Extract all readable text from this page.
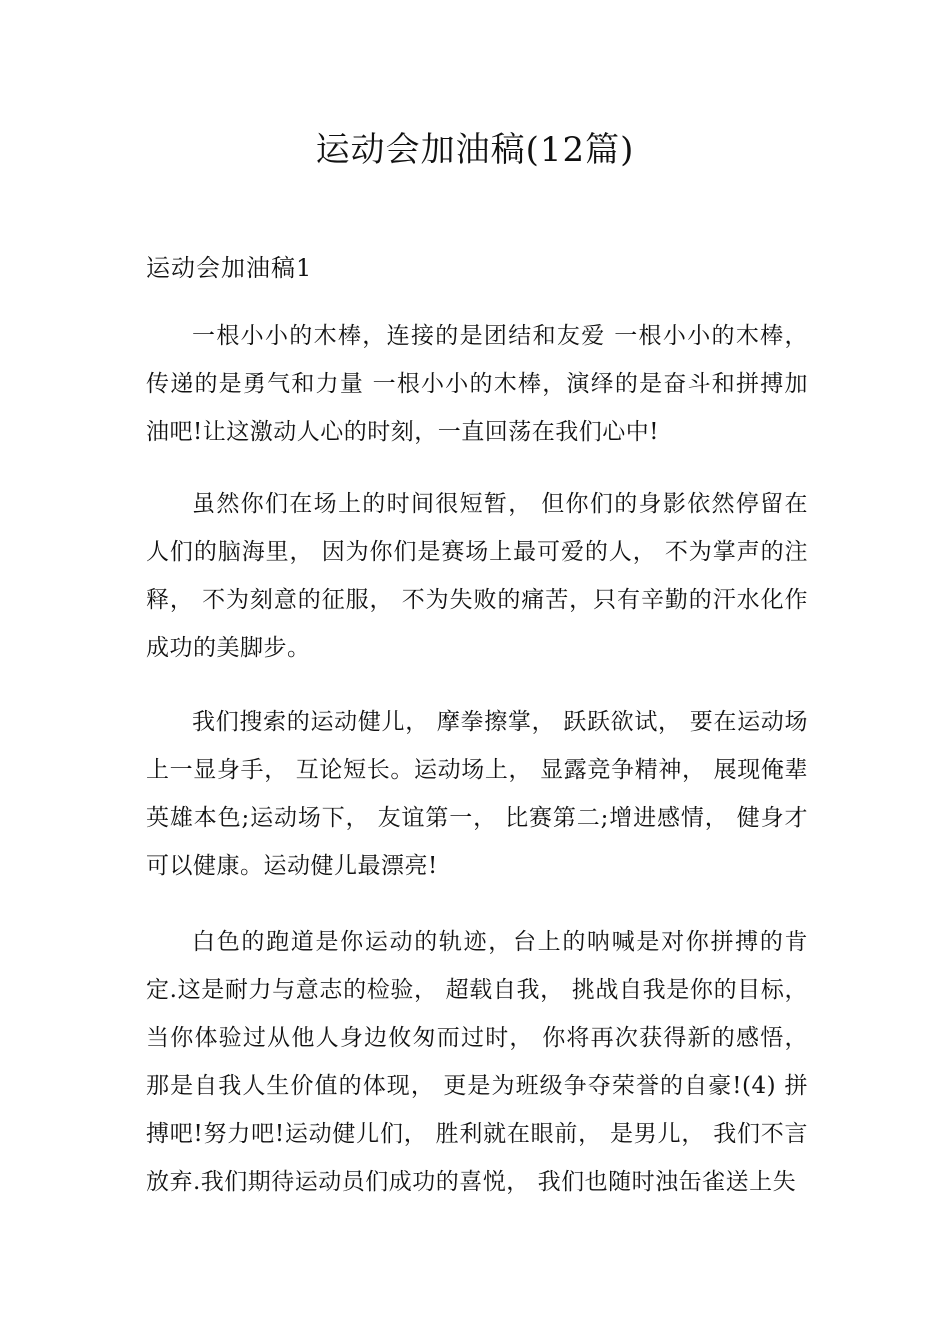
运动会加油稿(12篇)
运动会加油稿1

一根小小的木棒，连接的是团结和友爱 一根小小的木棒，传递的是勇气和力量 一根小小的木棒，演绎的是奋斗和拼搏加油吧!让这激动人心的时刻，一直回荡在我们心中!

虽然你们在场上的时间很短暂， 但你们的身影依然停留在人们的脑海里， 因为你们是赛场上最可爱的人， 不为掌声的注释， 不为刻意的征服， 不为失败的痛苦，只有辛勤的汗水化作成功的美脚步。

我们搜索的运动健儿， 摩拳擦掌， 跃跃欲试， 要在运动场上一显身手， 互论短长。运动场上， 显露竞争精神， 展现俺辈英雄本色;运动场下， 友谊第一， 比赛第二;增进感情， 健身才可以健康。运动健儿最漂亮!

白色的跑道是你运动的轨迹，台上的呐喊是对你拼搏的肯定.这是耐力与意志的检验， 超载自我， 挑战自我是你的目标， 当你体验过从他人身边攸匆而过时， 你将再次获得新的感悟， 那是自我人生价值的体现， 更是为班级争夺荣誉的自豪!(4) 拼搏吧!努力吧!运动健儿们， 胜利就在眼前， 是男儿， 我们不言放弃.我们期待运动员们成功的喜悦， 我们也随时浊缶雀送上失
